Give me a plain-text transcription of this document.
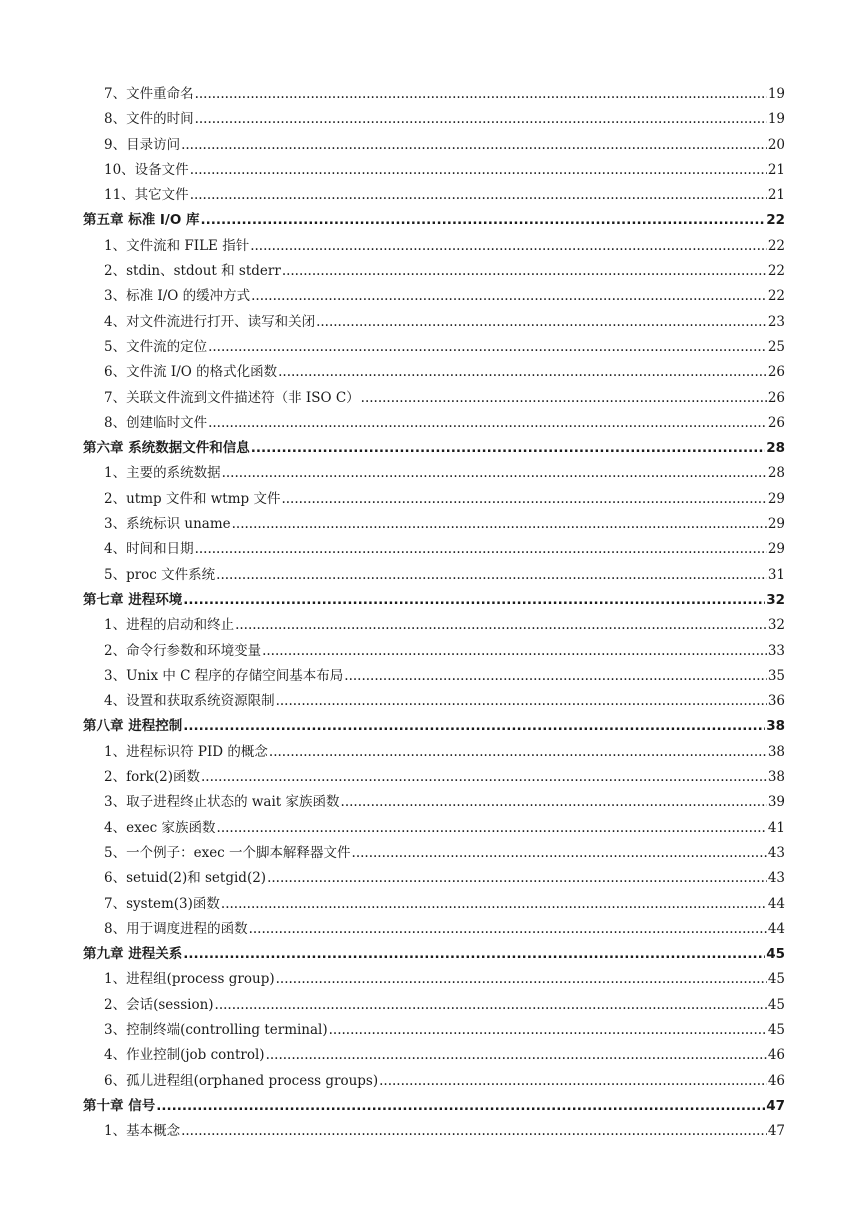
7、文件重命名 .....	19
8、文件的时间 .....	19
9、目录访问 .....	20
10、设备文件 .....	21
11、其它文件 .....	21
第五章 标准 I/O 库 .....	22
1、文件流和 FILE 指针 .....	22
2、stdin、stdout 和 stderr .....	22
3、标准 I/O 的缓冲方式 .....	22
4、对文件流进行打开、读写和关闭 .....	23
5、文件流的定位 .....	25
6、文件流 I/O 的格式化函数 .....	26
7、关联文件流到文件描述符（非 ISO C） .....	26
8、创建临时文件 .....	26
第六章 系统数据文件和信息 .....	28
1、主要的系统数据 .....	28
2、utmp 文件和 wtmp 文件 .....	29
3、系统标识 uname .....	29
4、时间和日期 .....	29
5、proc 文件系统 .....	31
第七章 进程环境 .....	32
1、进程的启动和终止 .....	32
2、命令行参数和环境变量 .....	33
3、Unix 中 C 程序的存储空间基本布局 .....	35
4、设置和获取系统资源限制 .....	36
第八章 进程控制 .....	38
1、进程标识符 PID 的概念 .....	38
2、fork(2)函数 .....	38
3、取子进程终止状态的 wait 家族函数 .....	39
4、exec 家族函数 .....	41
5、一个例子：exec 一个脚本解释器文件 .....	43
6、setuid(2)和 setgid(2) .....	43
7、system(3)函数 .....	44
8、用于调度进程的函数 .....	44
第九章 进程关系 .....	45
1、进程组(process group) .....	45
2、会话(session) .....	45
3、控制终端(controlling terminal) .....	45
4、作业控制(job control) .....	46
6、孤儿进程组(orphaned process groups) .....	46
第十章 信号 .....	47
1、基本概念 .....	47
